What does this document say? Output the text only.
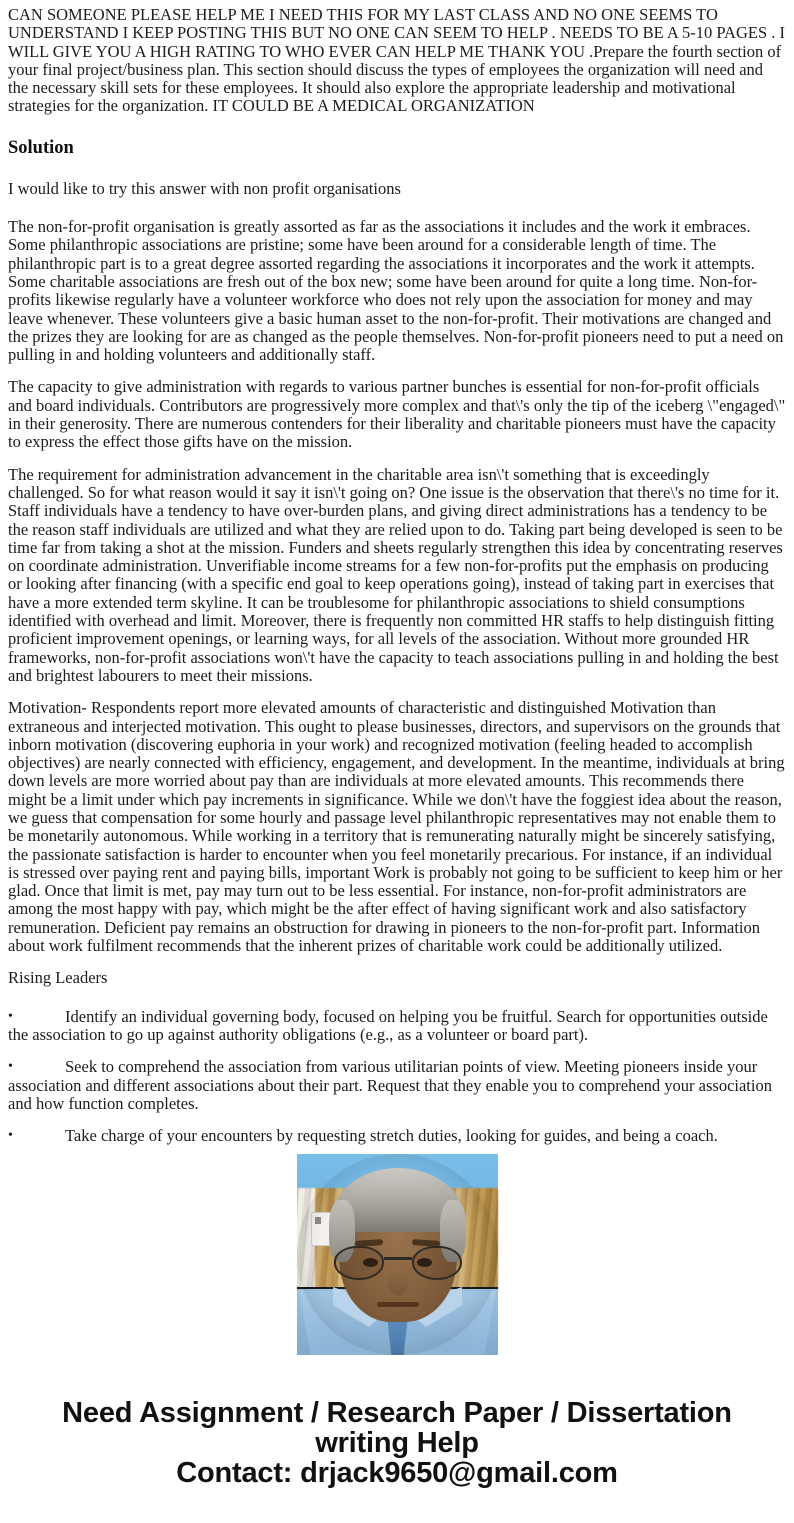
CAN SOMEONE PLEASE HELP ME I NEED THIS FOR MY LAST CLASS AND NO ONE SEEMS TO UNDERSTAND I KEEP POSTING THIS BUT NO ONE CAN SEEM TO HELP . NEEDS TO BE A 5-10 PAGES . I WILL GIVE YOU A HIGH RATING TO WHO EVER CAN HELP ME THANK YOU .Prepare the fourth section of your final project/business plan. This section should discuss the types of employees the organization will need and the necessary skill sets for these employees. It should also explore the appropriate leadership and motivational strategies for the organization. IT COULD BE A MEDICAL ORGANIZATION

Solution

I would like to try this answer with non profit organisations

The non-for-profit organisation is greatly assorted as far as the associations it includes and the work it embraces. Some philanthropic associations are pristine; some have been around for a considerable length of time. The philanthropic part is to a great degree assorted regarding the associations it incorporates and the work it attempts. Some charitable associations are fresh out of the box new; some have been around for quite a long time. Non-for-profits likewise regularly have a volunteer workforce who does not rely upon the association for money and may leave whenever. These volunteers give a basic human asset to the non-for-profit. Their motivations are changed and the prizes they are looking for are as changed as the people themselves. Non-for-profit pioneers need to put a need on pulling in and holding volunteers and additionally staff.

The capacity to give administration with regards to various partner bunches is essential for non-for-profit officials and board individuals. Contributors are progressively more complex and that\'s only the tip of the iceberg \"engaged\" in their generosity. There are numerous contenders for their liberality and charitable pioneers must have the capacity to express the effect those gifts have on the mission.

The requirement for administration advancement in the charitable area isn\'t something that is exceedingly challenged. So for what reason would it say it isn\'t going on? One issue is the observation that there\'s no time for it. Staff individuals have a tendency to have over-burden plans, and giving direct administrations has a tendency to be the reason staff individuals are utilized and what they are relied upon to do. Taking part being developed is seen to be time far from taking a shot at the mission. Funders and sheets regularly strengthen this idea by concentrating reserves on coordinate administration. Unverifiable income streams for a few non-for-profits put the emphasis on producing or looking after financing (with a specific end goal to keep operations going), instead of taking part in exercises that have a more extended term skyline. It can be troublesome for philanthropic associations to shield consumptions identified with overhead and limit. Moreover, there is frequently non committed HR staffs to help distinguish fitting proficient improvement openings, or learning ways, for all levels of the association. Without more grounded HR frameworks, non-for-profit associations won\'t have the capacity to teach associations pulling in and holding the best and brightest labourers to meet their missions.

Motivation- Respondents report more elevated amounts of characteristic and distinguished Motivation than extraneous and interjected motivation. This ought to please businesses, directors, and supervisors on the grounds that inborn motivation (discovering euphoria in your work) and recognized motivation (feeling headed to accomplish objectives) are nearly connected with efficiency, engagement, and development. In the meantime, individuals at bring down levels are more worried about pay than are individuals at more elevated amounts. This recommends there might be a limit under which pay increments in significance. While we don\'t have the foggiest idea about the reason, we guess that compensation for some hourly and passage level philanthropic representatives may not enable them to be monetarily autonomous. While working in a territory that is remunerating naturally might be sincerely satisfying, the passionate satisfaction is harder to encounter when you feel monetarily precarious. For instance, if an individual is stressed over paying rent and paying bills, important Work is probably not going to be sufficient to keep him or her glad. Once that limit is met, pay may turn out to be less essential. For instance, non-for-profit administrators are among the most happy with pay, which might be the after effect of having significant work and also satisfactory remuneration. Deficient pay remains an obstruction for drawing in pioneers to the non-for-profit part. Information about work fulfilment recommends that the inherent prizes of charitable work could be additionally utilized.

Rising Leaders

•	Identify an individual governing body, focused on helping you be fruitful. Search for opportunities outside the association to go up against authority obligations (e.g., as a volunteer or board part).
•	Seek to comprehend the association from various utilitarian points of view. Meeting pioneers inside your association and different associations about their part. Request that they enable you to comprehend your association and how function completes.
•	Take charge of your encounters by requesting stretch duties, looking for guides, and being a coach.
Need Assignment / Research Paper / Dissertation
writing Help
Contact: drjack9650@gmail.com
